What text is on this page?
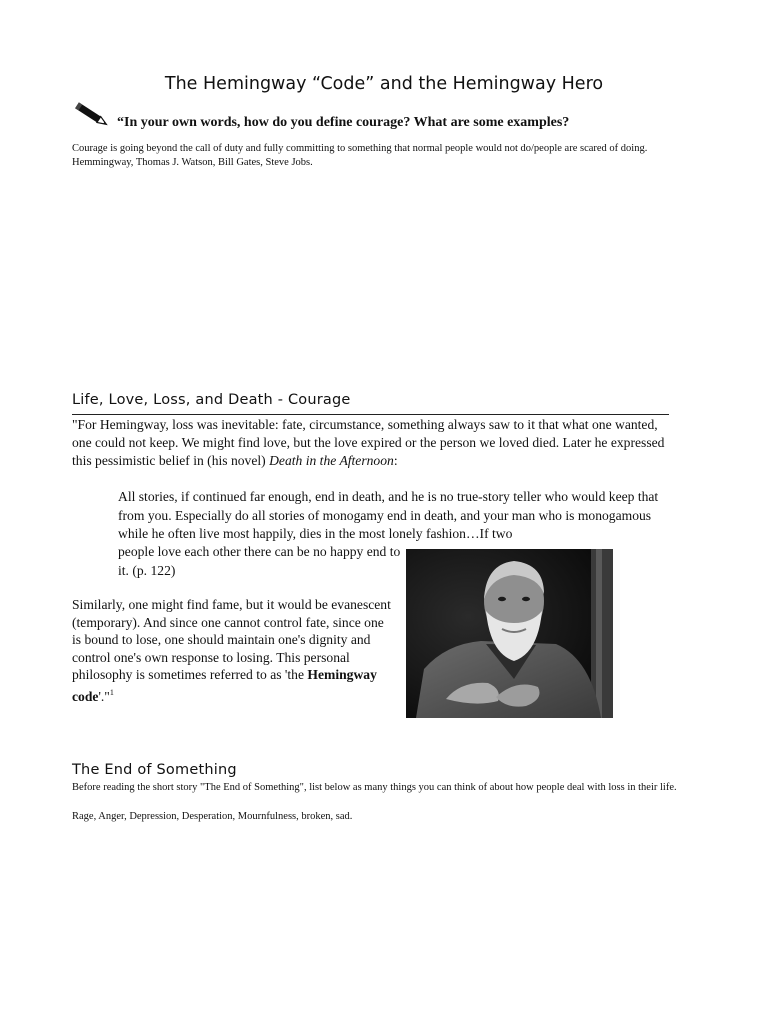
The Hemingway “Code” and the Hemingway Hero
“In your own words, how do you define courage? What are some examples?
Courage is going beyond the call of duty and fully committing to something that normal people would not do/people are scared of doing.
Hemmingway, Thomas J. Watson, Bill Gates, Steve Jobs.
Life, Love, Loss, and Death - Courage
"For Hemingway, loss was inevitable: fate, circumstance, something always saw to it that what one wanted, one could not keep. We might find love, but the love expired or the person we loved died. Later he expressed this pessimistic belief in (his novel) Death in the Afternoon:
All stories, if continued far enough, end in death, and he is no true-story teller who would keep that from you. Especially do all stories of monogamy end in death, and your man who is monogamous while he often live most happily, dies in the most lonely fashion…If two
people love each other there can be no happy end to it. (p. 122)
Similarly, one might find fame, but it would be evanescent (temporary). And since one cannot control fate, since one is bound to lose, one should maintain one's dignity and control one's own response to losing. This personal philosophy is sometimes referred to as 'the Hemingway code'."$^1$
The End of Something
Before reading the short story "The End of Something", list below as many things you can think of about how people deal with loss in their life.
Rage, Anger, Depression, Desperation, Mournfulness, broken, sad.
